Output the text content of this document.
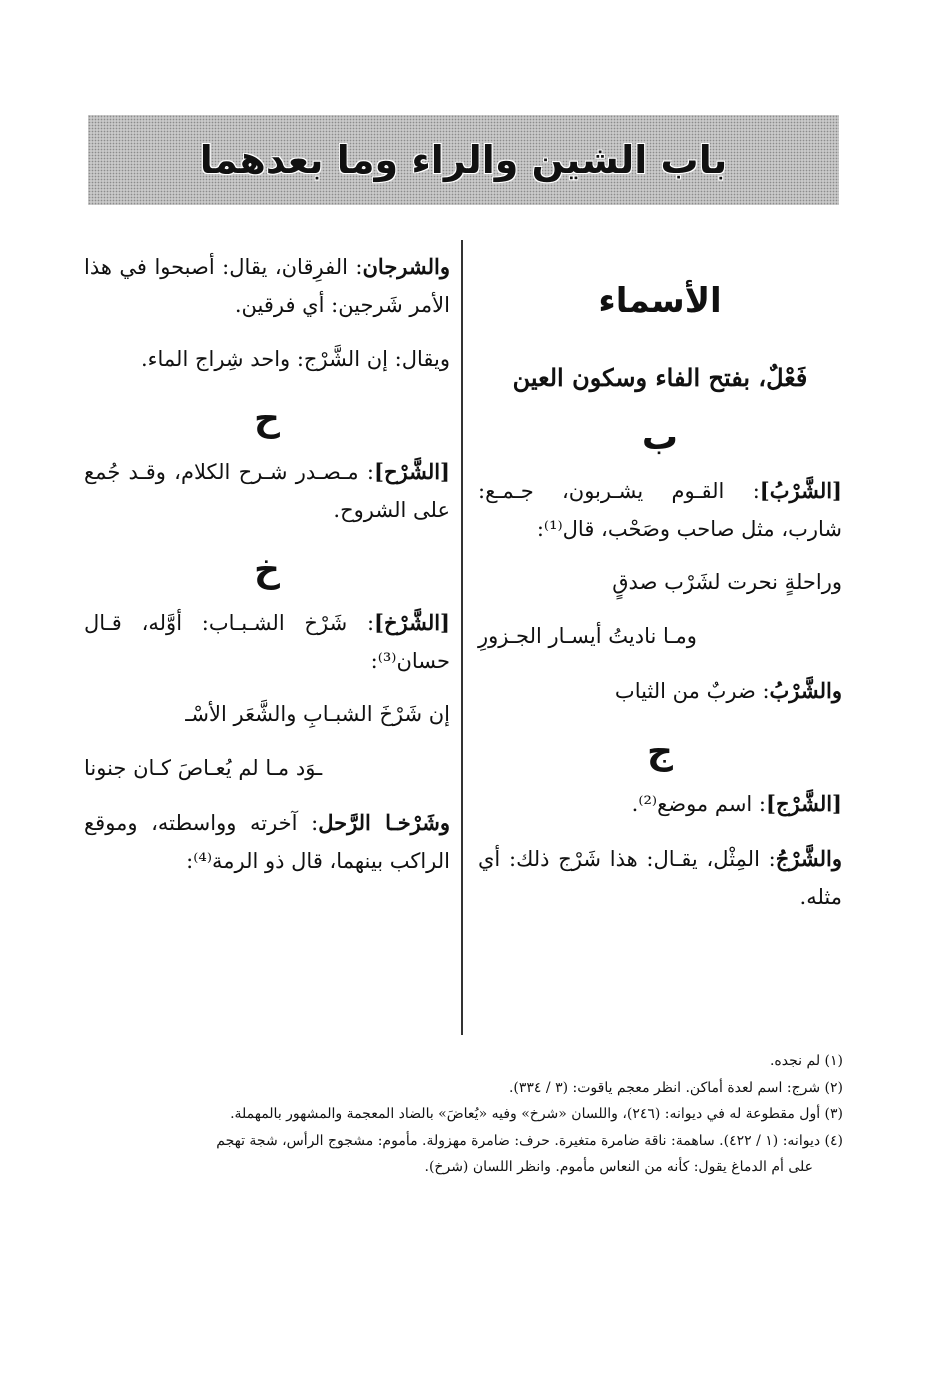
باب الشين والراء وما بعدهما
الأسماء
فَعْلٌ، بفتح الفاء وسكون العين
ب

[الشَّرْبُ]: القـوم يشـربون، جـمـع: شارب، مثل صاحب وصَحْب، قال⁽¹⁾:

وراحلةٍ نحرت لشَرْب صدقٍ
ومـا ناديتُ أيسـار الجـزورِ

والشَّرْبُ: ضربٌ من الثياب

ج

[الشَّرْج]: اسم موضع⁽²⁾.

والشَّرْجُ: المِثْل، يقـال: هذا شَرْج ذلك: أي مثله.

والشرجان: الفرِقان، يقال: أصبحوا في هذا الأمر شَرجين: أي فرقين.

ويقال: إن الشَّرْج: واحد شِراج الماء.

ح

[الشَّرْح]: مـصـدر شـرح الكلام، وقـد جُمع على الشروح.

خ

[الشَّرْخ]: شَرْخ الشـبـاب: أوَّله، قـال حسان⁽³⁾:

إن شَرْخَ الشبـابِ والشَّعَر الأسْـ
ـوَد مـا لم يُعـاصَ كـان جنونا

وشَرْخـا الرَّحل: آخرته وواسطته، وموقع الراكب بينهما، قال ذو الرمة⁽⁴⁾:

(١) لم نجده.

(٢) شرج: اسم لعدة أماكن. انظر معجم ياقوت: (٣ / ٣٣٤).

(٣) أول مقطوعة له في ديوانه: (٢٤٦)، واللسان «شرخ» وفيه «يُعاضَ» بالضاد المعجمة والمشهور بالمهملة.

(٤) ديوانه: (١ / ٤٢٢). ساهمة: ناقة ضامرة متغيرة. حرف: ضامرة مهزولة. مأموم: مشجوج الرأس، شجة تهجم

على أم الدماغ يقول: كأنه من النعاس مأموم. وانظر اللسان (شرخ).
